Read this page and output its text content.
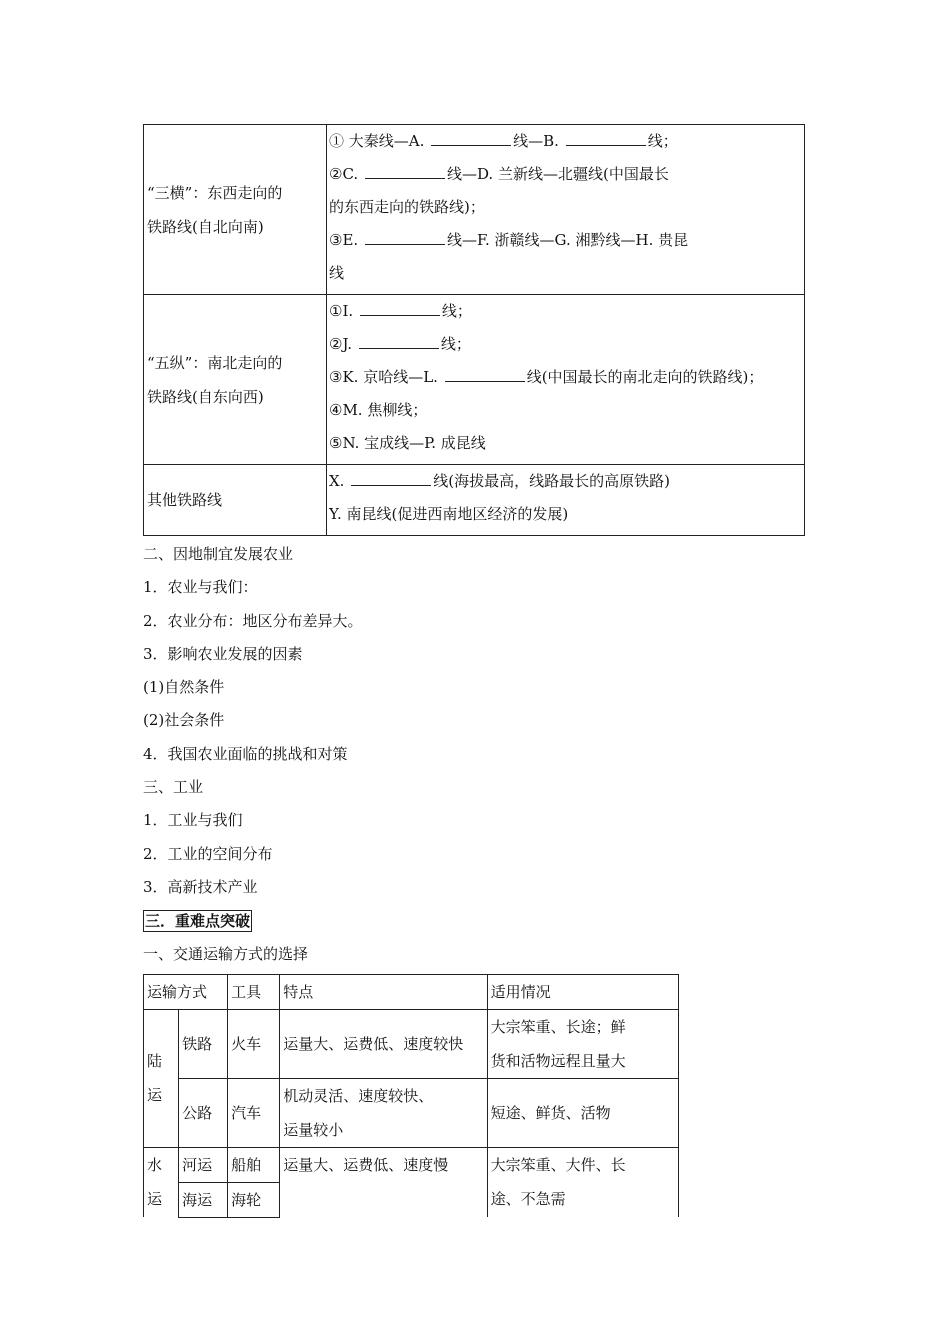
“三横”：东西走向的
铁路线(自北向南)	① 大秦线—A. 线—B. 线；
②C. 线—D. 兰新线—北疆线(中国最长
的东西走向的铁路线)；
③E. 线—F. 浙赣线—G. 湘黔线—H. 贵昆
线

“五纵”：南北走向的
铁路线(自东向西)	①I. 线；
②J. 线；
③K. 京哈线—L. 线(中国最长的南北走向的铁路线)；
④M. 焦柳线；
⑤N. 宝成线—P. 成昆线

其他铁路线	X. 线(海拔最高，线路最长的高原铁路)
Y. 南昆线(促进西南地区经济的发展)
二、因地制宜发展农业
1．农业与我们：
2．农业分布：地区分布差异大。
3．影响农业发展的因素
(1)自然条件
(2)社会条件
4．我国农业面临的挑战和对策
三、工业
1．工业与我们
2．工业的空间分布
3．高新技术产业
三．重难点突破
一、交通运输方式的选择
运输方式		工具	特点	适用情况
陆运	铁路	火车	运量大、运费低、速度较快	大宗笨重、长途；鲜
货和活物远程且量大

	公路	汽车	机动灵活、速度较快、
运量较小	短途、鲜货、活物
水运	河运	船舶	运量大、运费低、速度慢	大宗笨重、大件、长
途、不急需

	海运	海轮		
